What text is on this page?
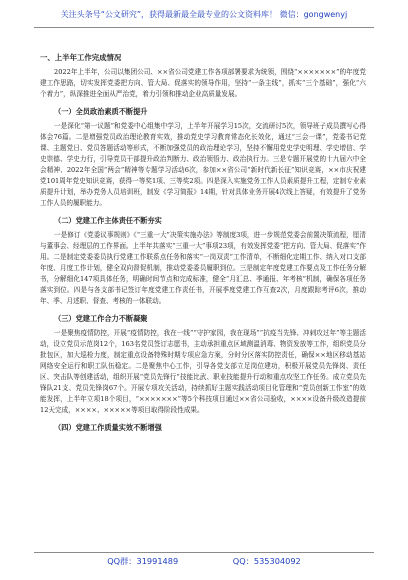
关注头条号“公文研究”，获得最新最全最专业的公文资料库！ 微信：gongwenyj
一、上半年工作完成情况
2022年上半年，公司以集团公司、××省公司党建工作各项部署要求为统领，围绕“×××××××”的年度党建工作思路，切实发挥党委把方向、管大局、促落实的领导作用，坚持“一条主线”，抓实“三个基础”，强化“六个着力”，纵深推进全面从严治党，着力引领和推动企业高质量发展。
（一）全员政治素质不断提升
一是深化“第一议题”和党委中心组集中学习，上半年开展学习15次，交流研讨5次，领导班子成员撰写心得体会76篇。二是增强党员政治理论教育实效，推动党史学习教育常态化长效化，通过“三会一课”，党委书记党课、主题党日、党员答题活动等形式，不断加强党员的政治理论学习，坚持不懈用党史学史明理、学史增信、学史崇德、学史力行，引导党员干部提升政治判断力、政治领悟力、政治执行力。三是专题开展党的十九届六中全会精神、2022年全国“两会”精神等专题学习活动6次，参加××省公司“新时代新长征”知识竞赛，××市庆祝建党101周年党史知识竞赛，获得一等奖1项、三等奖2项。四是深入实施党务工作人员素质提升工程，定制专业素质提升计划，举办党务人员培训班，制发《学习简报》14期，针对具体业务开展4次线上答疑，有效提升了党务工作人员的履职能力。
（二）党建工作主体责任不断夯实
一是修订《党委议事规则》《“三重一大”决策实施办法》等制度3项，进一步规范党委会前置决策流程，厘清与董事会、经理层的工作界面。上半年共落实“三重一大”事项23项，有效发挥党委“把方向、管大局、促落实”作用。二是制定党委委员执行党建工作联系点任务和落实“一岗双责”工作清单，不断细化定期工作、纳入对口支部年度、月度工作计划，健全双向督促机制，推动党委委员履职到位。三是制定年度党建工作要点及工作任务分解书，分解细化147项具体任务，明确时间节点和完成标准，健全“月汇总、季通报、年考核”机制，确保各项任务落实到位。四是与各支部书记签订年度党建工作责任书，开展季度党建工作互查2次，月度跟踪考评6次，推动年、季、月述职、督查、考核的一体联动。
（三）党建工作合力不断凝聚
一是聚焦疫情防控，开展“疫情防控，我在一线”“守护家园，我在现场”“抗疫当先锋、冲刺攻过年”等主题活动，设立党员示范岗12个，163名党员签订志愿书，主动承担重点区域测温消毒、物资发放等工作，组织党员分批包区，加大巡检力度，制定重点设备特殊时期专项应急方案，分时分区落实防控责任，确保××地区移动基站网络安全运行和职工队伍稳定。二是聚焦中心工作，引导各党支部立足岗位建功，积极开展党员先锋岗、责任区、突击队等创建活动，组织开展“党员先锋行”技能比武、职业技能提升行动和重点攻坚工作任务。成立党员先锋队21支、党员先锋岗67个。开展专项攻关活动，持续抓好主题实践活动项目化管理和“党员创新工作室”的效能发挥，上半年立项18个项目，“×××××××”等5个科技项目通过××省公司验收，××××设备升级改造提前12天完成，××××、×××××等项目取得阶段性成果。
（四）党建工作质量实效不断增强
QQ群：31991489	QQ：535304092
